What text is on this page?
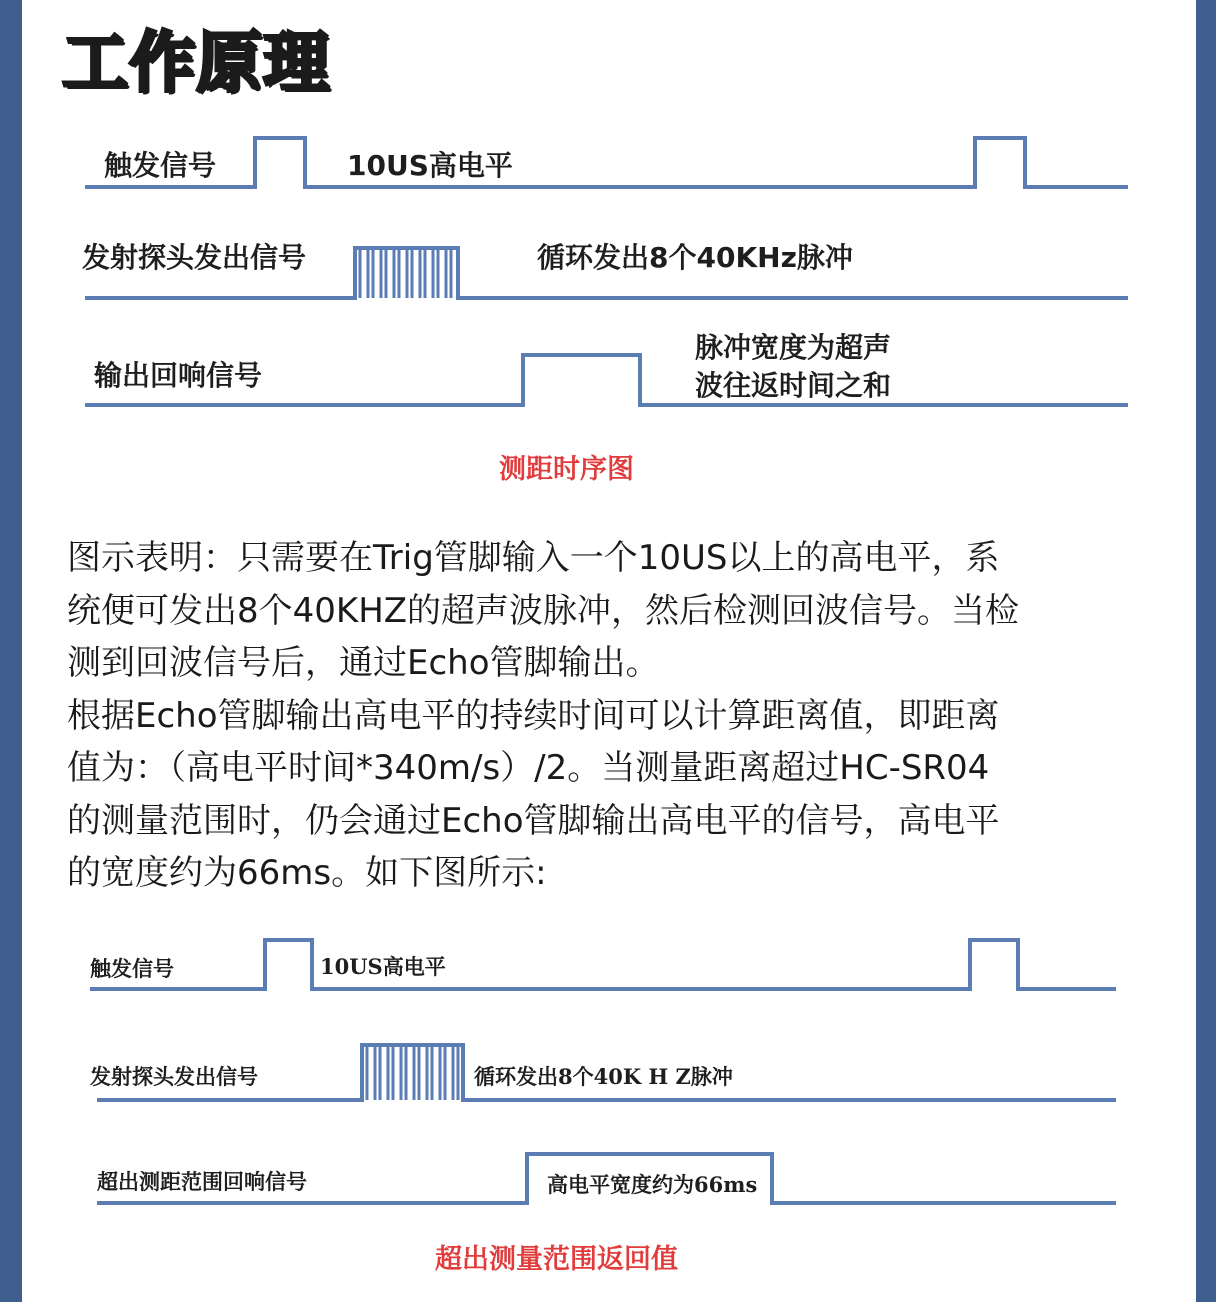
工作原理
触发信号	10US高电平
发射探头发出信号	循环发出8个40KHz脉冲
输出回响信号
脉冲宽度为超声
波往返时间之和
测距时序图
图示表明：只需要在Trig管脚输入一个10US以上的高电平，系
统便可发出8个40KHZ的超声波脉冲，然后检测回波信号。当检
测到回波信号后，通过Echo管脚输出。
根据Echo管脚输出高电平的持续时间可以计算距离值，即距离
值为：（高电平时间*340m/s）/2。当测量距离超过HC-SR04
的测量范围时，仍会通过Echo管脚输出高电平的信号，高电平
的宽度约为66ms。如下图所示:
触发信号	10US高电平
发射探头发出信号	循环发出8个40K H Z脉冲
超出测距范围回响信号	高电平宽度约为66ms
超出测量范围返回值
